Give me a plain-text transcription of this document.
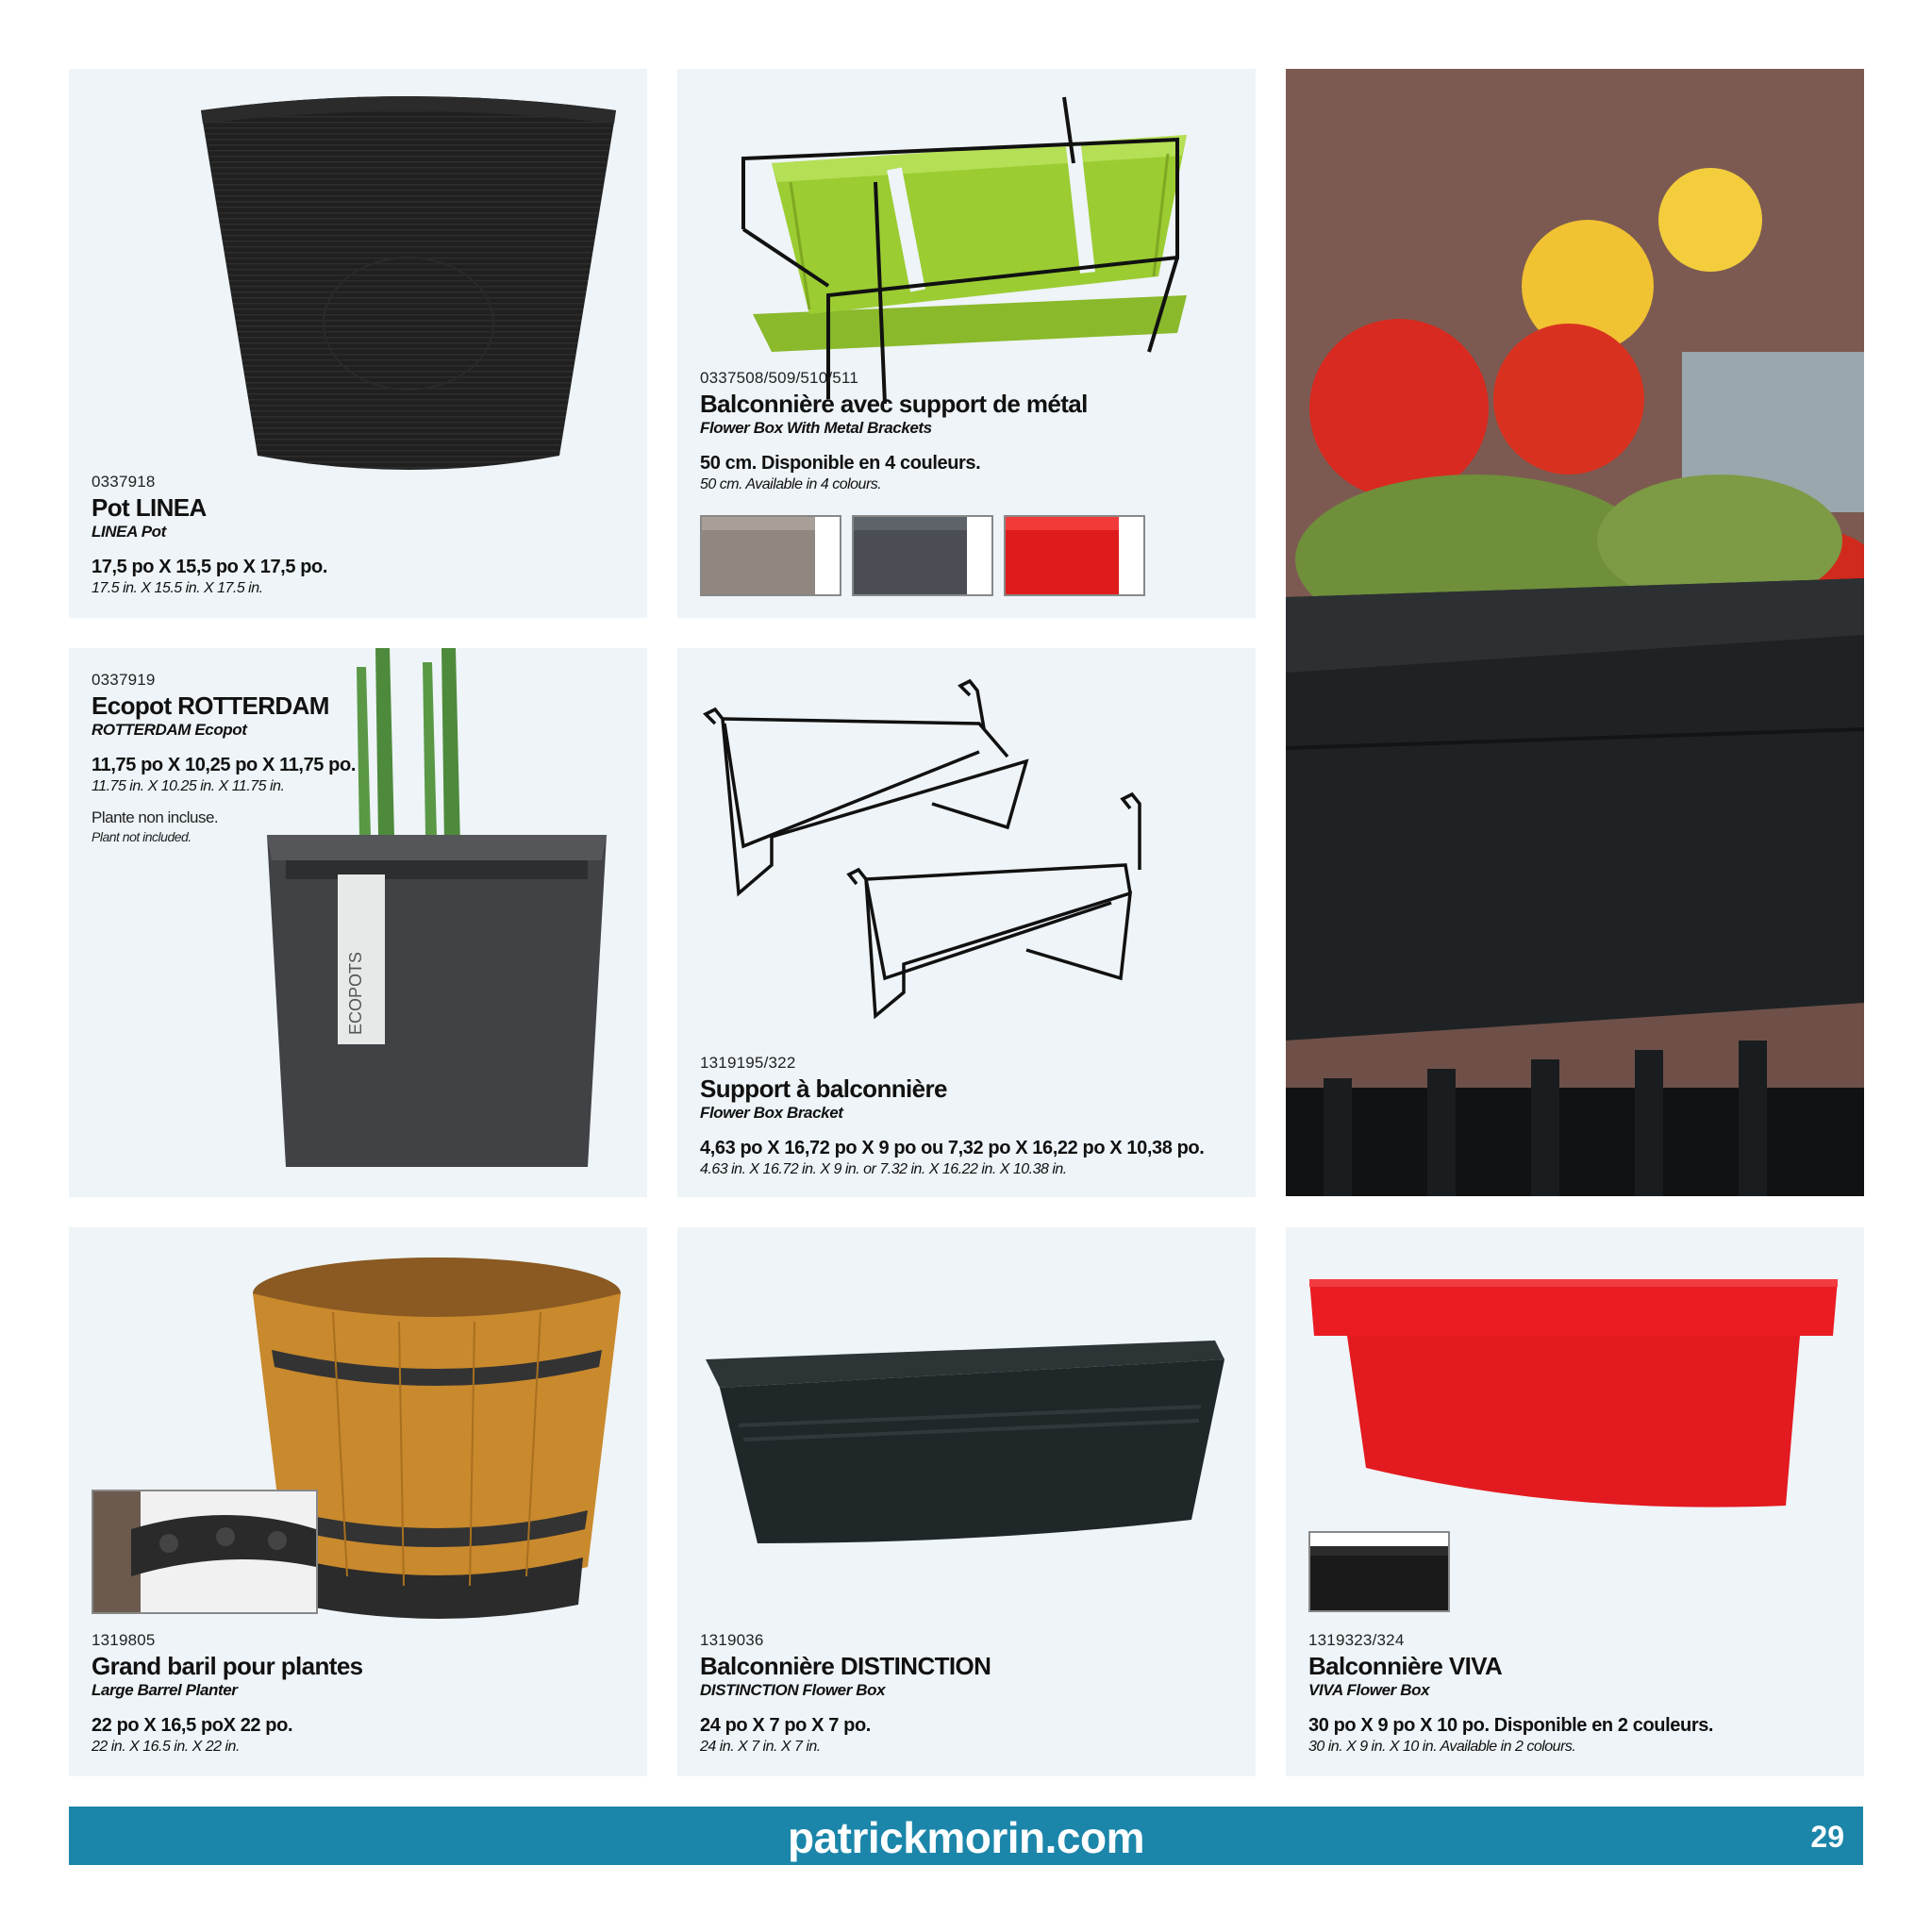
0337918

Pot LINEA

LINEA Pot

17,5 po X 15,5 po X 17,5 po.

17.5 in. X 15.5 in. X 17.5 in.

0337508/509/510/511

Balconnière avec support de métal

Flower Box With Metal Brackets

50 cm. Disponible en 4 couleurs.

50 cm. Available in 4 colours.

0337919

Ecopot ROTTERDAM

ROTTERDAM Ecopot

11,75 po X 10,25 po X 11,75 po.

11.75 in. X 10.25 in. X 11.75 in.

Plante non incluse.

Plant not included.

ECOPOTS

1319195/322

Support à balconnière

Flower Box Bracket

4,63 po X 16,72 po X 9 po ou 7,32 po X 16,22 po X 10,38 po.

4.63 in. X 16.72 in. X 9 in. or 7.32 in. X 16.22 in. X 10.38 in.

1319805

Grand baril pour plantes

Large Barrel Planter

22 po X 16,5 poX 22 po.

22 in. X 16.5 in. X 22 in.

1319036

Balconnière DISTINCTION

DISTINCTION Flower Box

24 po X 7 po X 7 po.

24 in. X 7 in. X 7 in.

1319323/324

Balconnière VIVA

VIVA Flower Box

30 po X 9 po X 10 po. Disponible en 2 couleurs.

30 in. X 9 in. X 10 in. Available in 2 colours.

patrickmorin.com	29
